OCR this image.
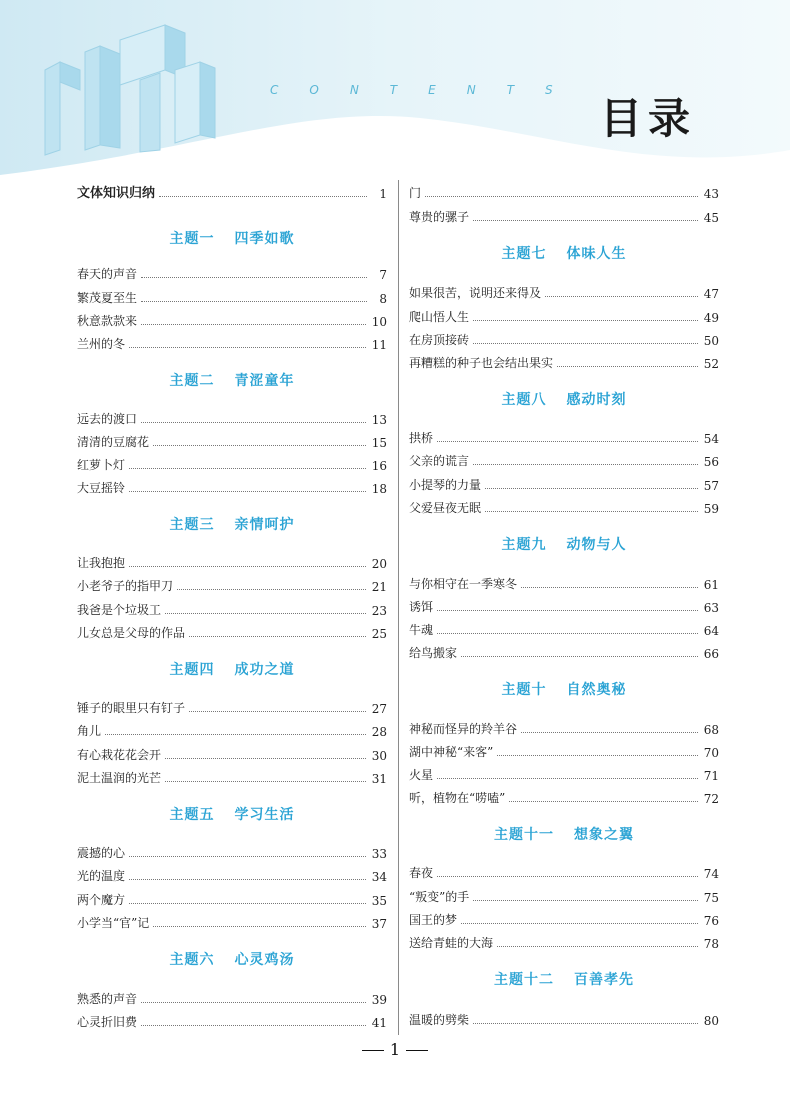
CONTENTS
目录
文体知识归纳	1
主题一 四季如歌
春天的声音	7
繁茂夏至生	8
秋意款款来	10
兰州的冬	11
主题二 青涩童年
远去的渡口	13
清清的豆腐花	15
红萝卜灯	16
大豆摇铃	18
主题三 亲情呵护
让我抱抱	20
小老爷子的指甲刀	21
我爸是个垃圾工	23
儿女总是父母的作品	25
主题四 成功之道
锤子的眼里只有钉子	27
角儿	28
有心栽花花会开	30
泥土温润的光芒	31
主题五 学习生活
震撼的心	33
光的温度	34
两个魔方	35
小学当“官”记	37
主题六 心灵鸡汤
熟悉的声音	39
心灵折旧费	41
门	43
尊贵的骡子	45
主题七 体味人生
如果很苦，说明还来得及	47
爬山悟人生	49
在房顶接砖	50
再糟糕的种子也会结出果实	52
主题八 感动时刻
拱桥	54
父亲的谎言	56
小提琴的力量	57
父爱昼夜无眠	59
主题九 动物与人
与你相守在一季寒冬	61
诱饵	63
牛魂	64
给鸟搬家	66
主题十 自然奥秘
神秘而怪异的羚羊谷	68
湖中神秘“来客”	70
火星	71
听，植物在“唠嗑”	72
主题十一 想象之翼
春夜	74
“叛变”的手	75
国王的梦	76
送给青蛙的大海	78
主题十二 百善孝先
温暖的劈柴	80
1
